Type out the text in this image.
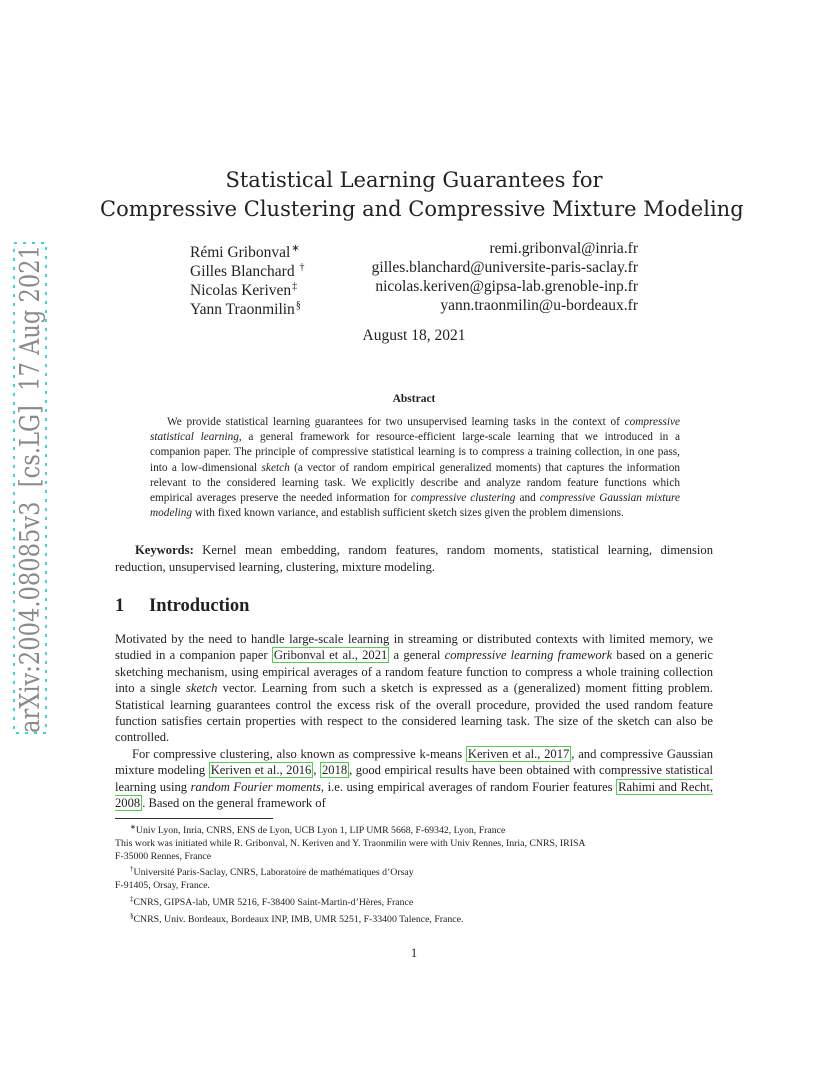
arXiv:2004.08085v3  [cs.LG]  17 Aug 2021	Statistical Learning Guarantees for
Compressive Clustering and Compressive Mixture Modeling
Rémi Gribonval∗	remi.gribonval@inria.fr
Gilles Blanchard †	gilles.blanchard@universite-paris-saclay.fr
Nicolas Keriven‡	nicolas.keriven@gipsa-lab.grenoble-inp.fr
Yann Traonmilin§	yann.traonmilin@u-bordeaux.fr
August 18, 2021
Abstract
We provide statistical learning guarantees for two unsupervised learning tasks in the context of compressive statistical learning, a general framework for resource-efficient large-scale learning that we introduced in a companion paper. The principle of compressive statistical learning is to compress a training collection, in one pass, into a low-dimensional sketch (a vector of random empirical generalized moments) that captures the information relevant to the considered learning task. We explicitly describe and analyze random feature functions which empirical averages preserve the needed information for compressive clustering and compressive Gaussian mixture modeling with fixed known variance, and establish sufficient sketch sizes given the problem dimensions.
Keywords: Kernel mean embedding, random features, random moments, statistical learning, dimension reduction, unsupervised learning, clustering, mixture modeling.
1 Introduction

Motivated by the need to handle large-scale learning in streaming or distributed contexts with limited memory, we studied in a companion paper Gribonval et al., 2021 a general compressive learning framework based on a generic sketching mechanism, using empirical averages of a random feature function to compress a whole training collection into a single sketch vector. Learning from such a sketch is expressed as a (generalized) moment fitting problem. Statistical learning guarantees control the excess risk of the overall procedure, provided the used random feature function satisfies certain properties with respect to the considered learning task. The size of the sketch can also be controlled.

For compressive clustering, also known as compressive k-means Keriven et al., 2017 , and compressive Gaussian mixture modeling Keriven et al., 2016 , 2018 , good empirical results have been obtained with compressive statistical learning using random Fourier moments, i.e. using empirical averages of random Fourier features Rahimi and Recht, 2008 . Based on the general framework of

∗Univ Lyon, Inria, CNRS, ENS de Lyon, UCB Lyon 1, LIP UMR 5668, F-69342, Lyon, France
This work was initiated while R. Gribonval, N. Keriven and Y. Traonmilin were with Univ Rennes, Inria, CNRS, IRISA
F-35000 Rennes, France
†Université Paris-Saclay, CNRS, Laboratoire de mathématiques d’Orsay
F-91405, Orsay, France.
‡CNRS, GIPSA-lab, UMR 5216, F-38400 Saint-Martin-d’Hères, France
§CNRS, Univ. Bordeaux, Bordeaux INP, IMB, UMR 5251, F-33400 Talence, France.
1
